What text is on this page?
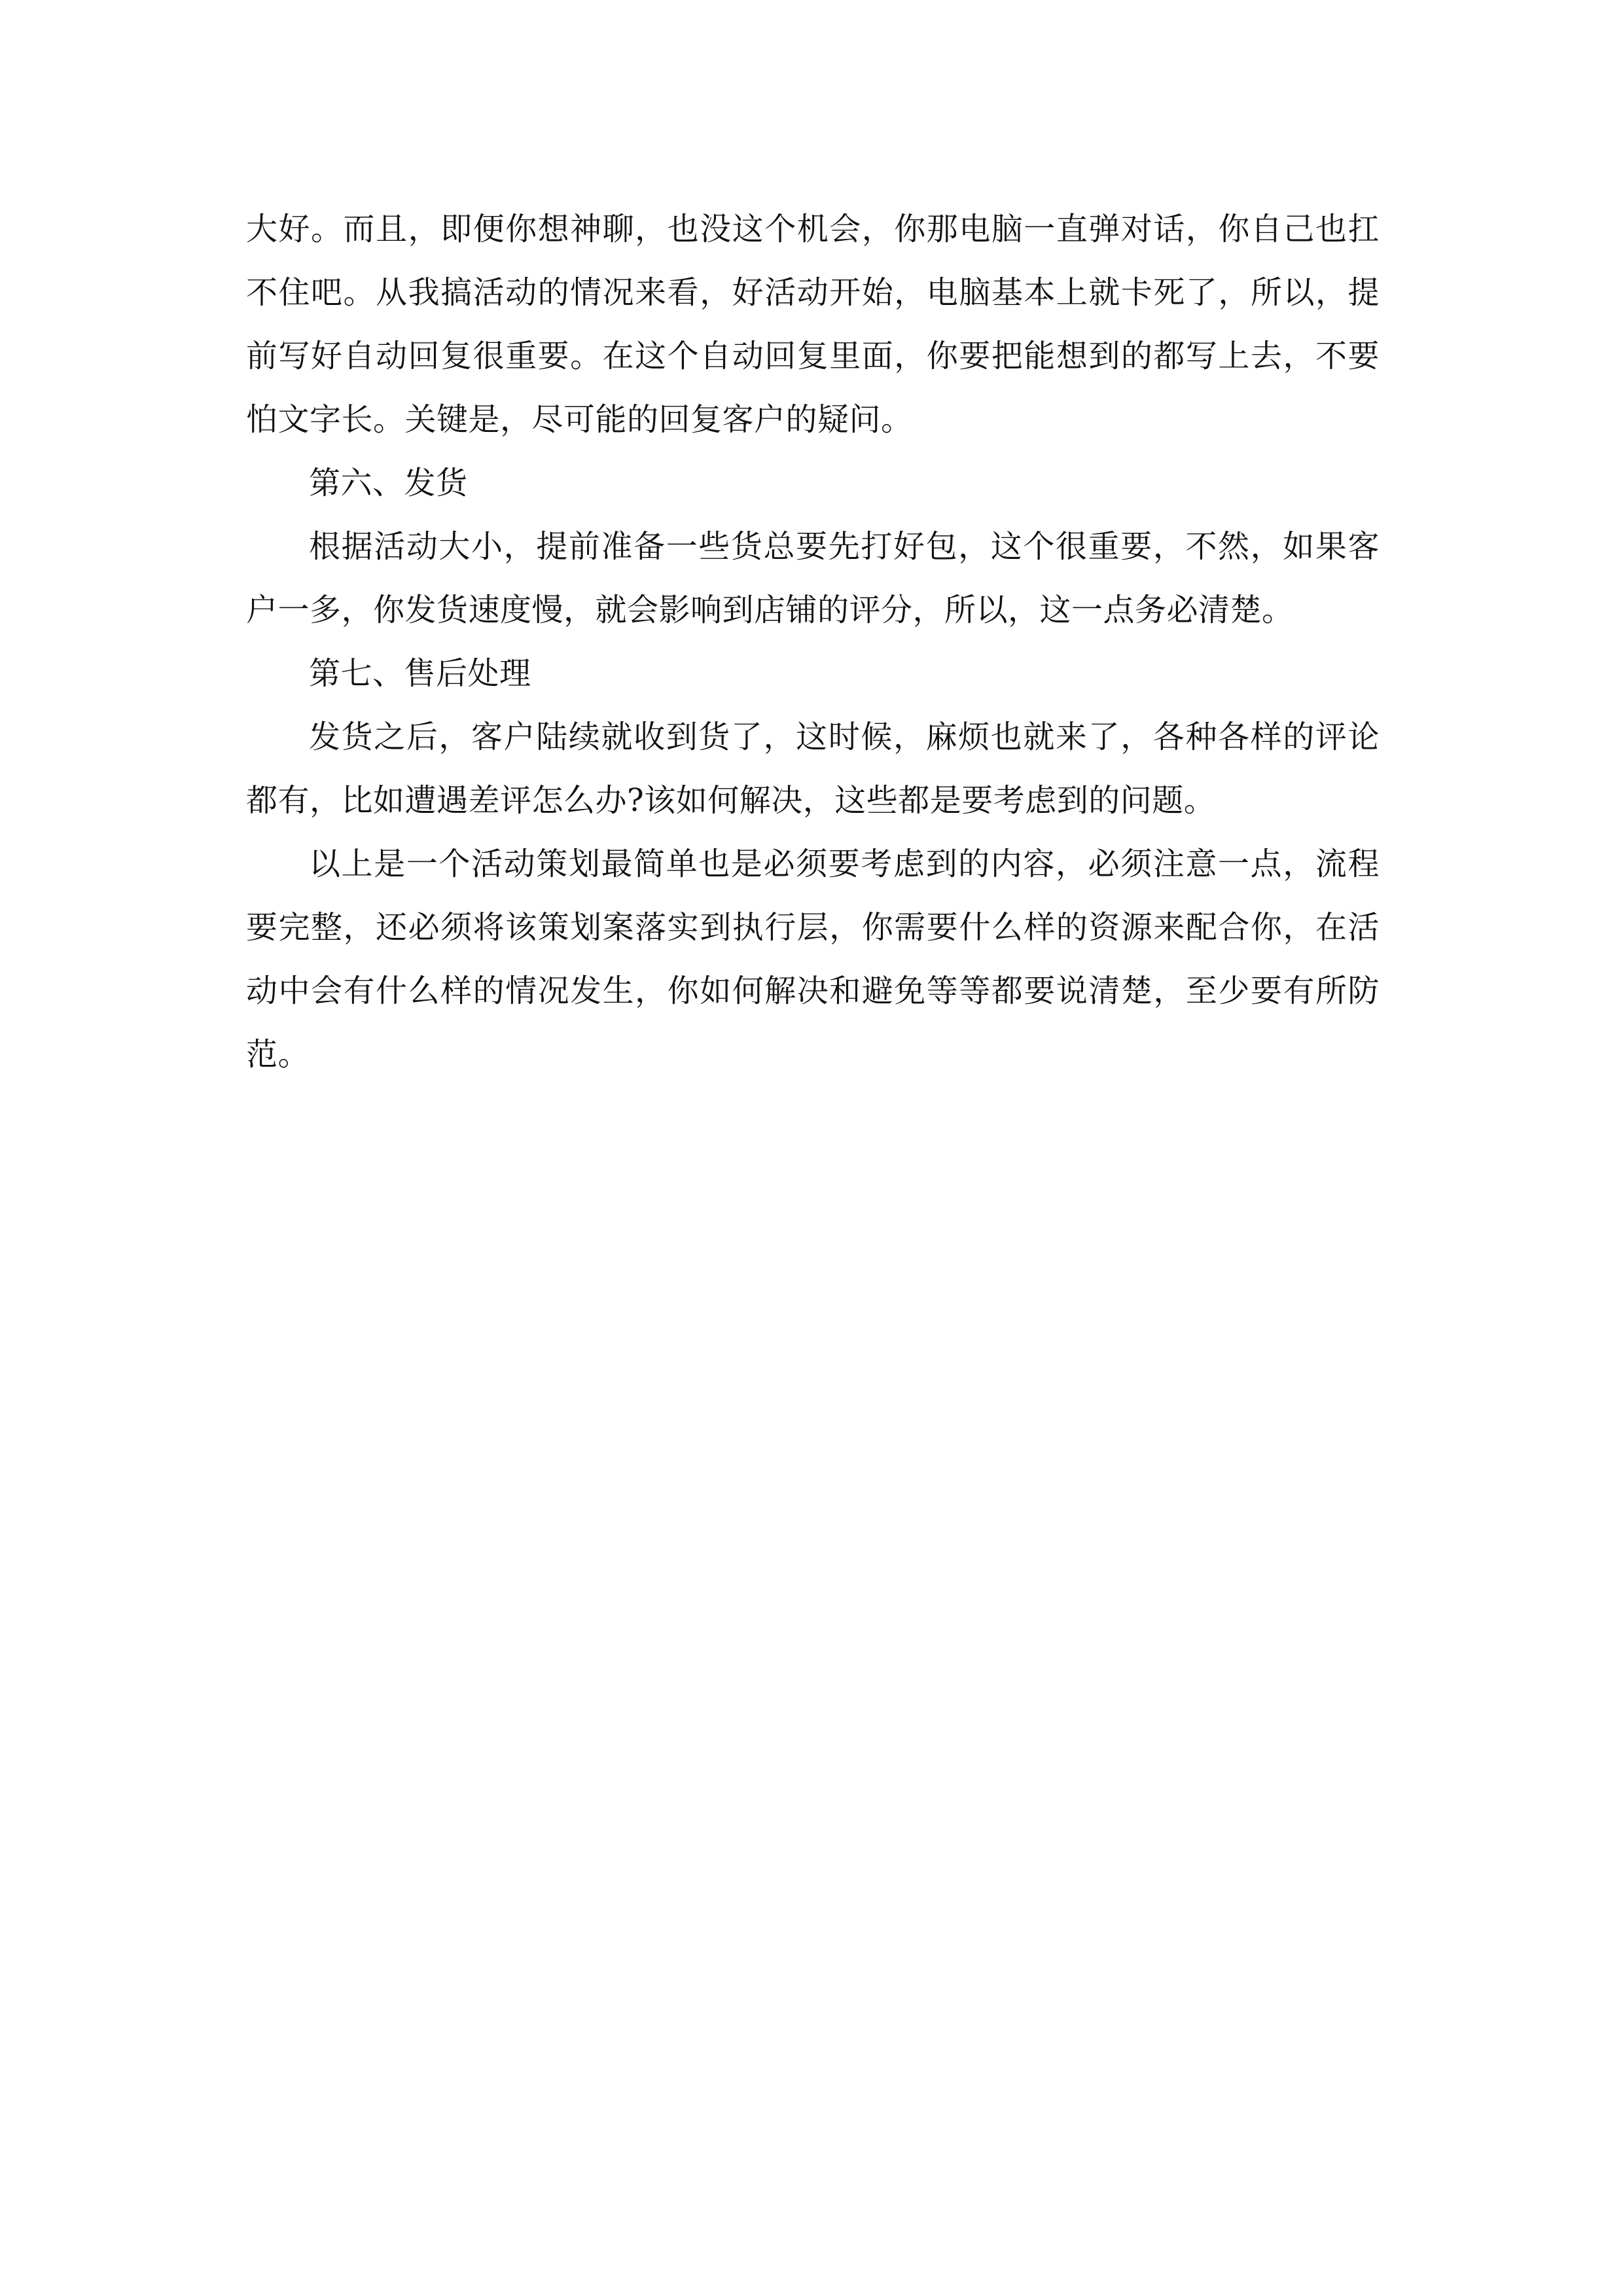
大好。而且，即便你想神聊，也没这个机会，你那电脑一直弹对话，你自己也扛不住吧。从我搞活动的情况来看，好活动开始，电脑基本上就卡死了，所以，提前写好自动回复很重要。在这个自动回复里面，你要把能想到的都写上去，不要怕文字长。关键是，尽可能的回复客户的疑问。

第六、发货

根据活动大小，提前准备一些货总要先打好包，这个很重要，不然，如果客户一多，你发货速度慢，就会影响到店铺的评分，所以，这一点务必清楚。

第七、售后处理

发货之后，客户陆续就收到货了，这时候，麻烦也就来了，各种各样的评论都有，比如遭遇差评怎么办?该如何解决，这些都是要考虑到的问题。

以上是一个活动策划最简单也是必须要考虑到的内容，必须注意一点，流程要完整，还必须将该策划案落实到执行层，你需要什么样的资源来配合你，在活动中会有什么样的情况发生，你如何解决和避免等等都要说清楚，至少要有所防范。
